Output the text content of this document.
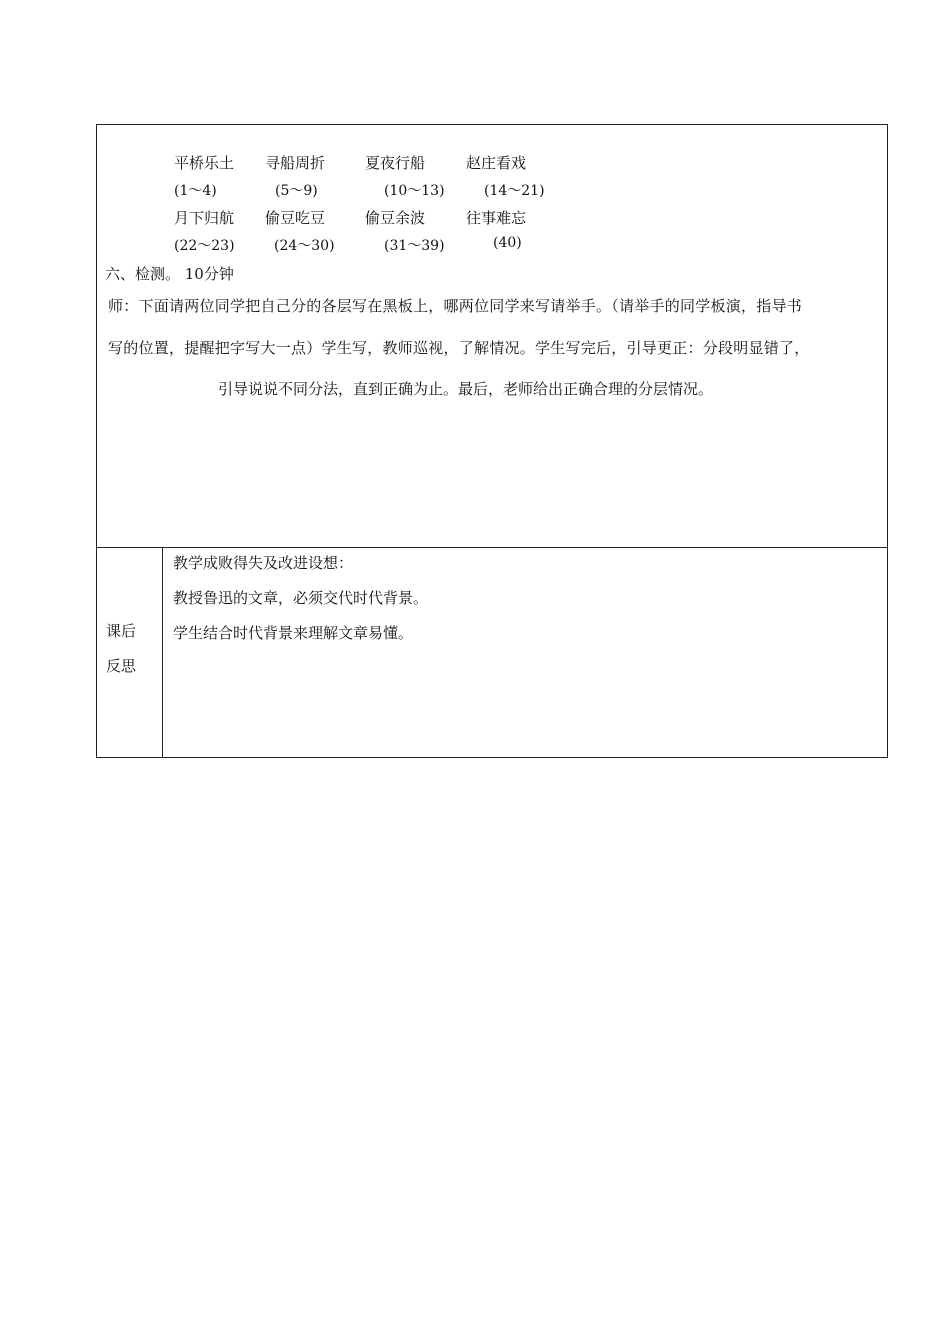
平桥乐土 寻船周折	夏夜行船	赵庄看戏
(1～4)	(5～9)	(10～13)	(14～21)
月下归航 偷豆吃豆	偷豆余波	往事难忘
(22～23)	(24～30)	(31～39)	(40)
六、检测。 10分钟
师：下面请两位同学把自己分的各层写在黑板上，哪两位同学来写请举手。（请举手的同学板演，指导书
写的位置，提醒把字写大一点）学生写，教师巡视，了解情况。学生写完后，引导更正：分段明显错了，
引导说说不同分法，直到正确为止。最后，老师给出正确合理的分层情况。
课后
反思
教学成败得失及改进设想：
教授鲁迅的文章，必须交代时代背景。
学生结合时代背景来理解文章易懂。
